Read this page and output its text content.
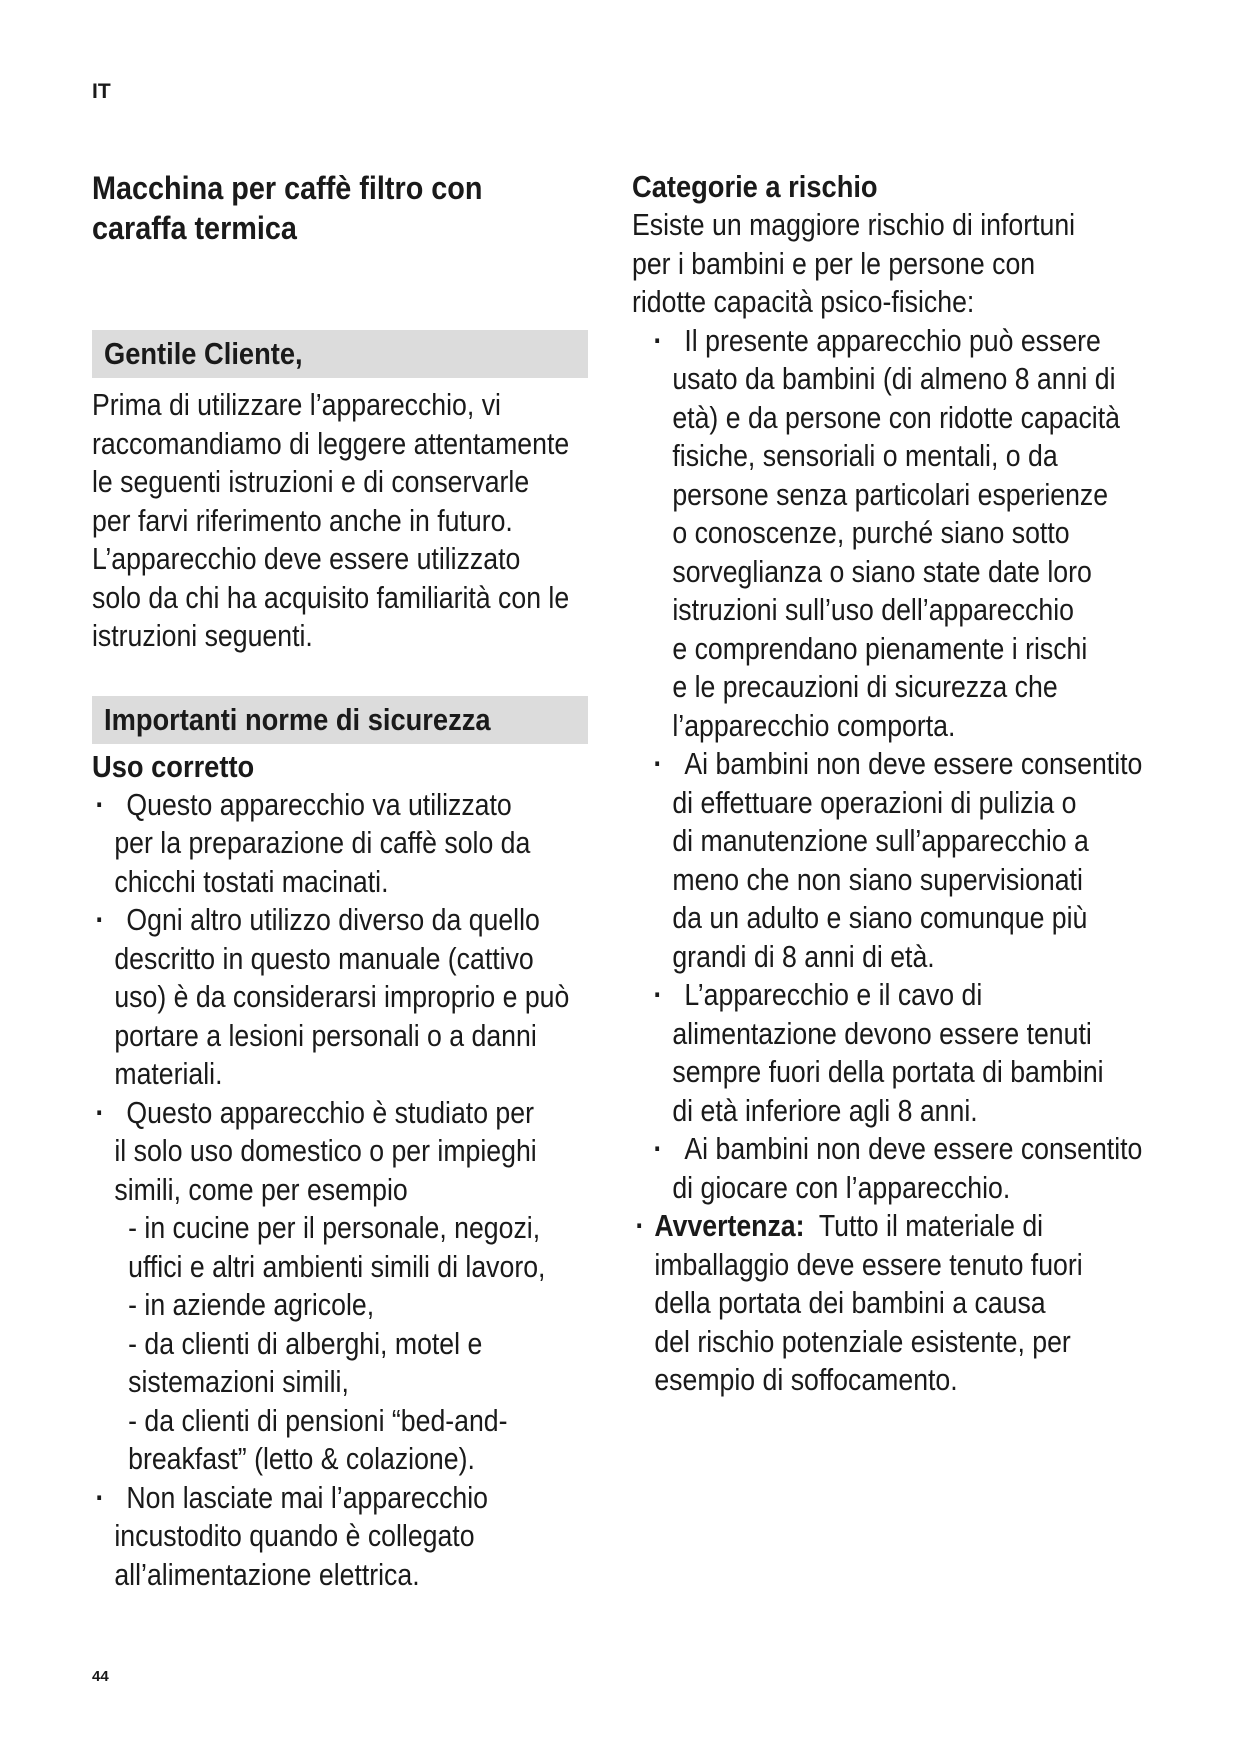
IT
Macchina per caffè filtro con
caraffa termica
Gentile Cliente,
Prima di utilizzare l’apparecchio, vi
raccomandiamo di leggere attentamente
le seguenti istruzioni e di conservarle
per farvi riferimento anche in futuro.
L’apparecchio deve essere utilizzato
solo da chi ha acquisito familiarità con le
istruzioni seguenti.
Importanti norme di sicurezza
Uso corretto
· Questo apparecchio va utilizzato
per la preparazione di caffè solo da
chicchi tostati macinati.
· Ogni altro utilizzo diverso da quello
descritto in questo manuale (cattivo
uso) è da considerarsi improprio e può
portare a lesioni personali o a danni
materiali.
· Questo apparecchio è studiato per
il solo uso domestico o per impieghi
simili, come per esempio
- in cucine per il personale, negozi,
uffici e altri ambienti simili di lavoro,
- in aziende agricole,
- da clienti di alberghi, motel e
sistemazioni simili,
- da clienti di pensioni “bed-and-
breakfast” (letto & colazione).
· Non lasciate mai l’apparecchio
incustodito quando è collegato
all’alimentazione elettrica.
Categorie a rischio
Esiste un maggiore rischio di infortuni
per i bambini e per le persone con
ridotte capacità psico-fisiche:
· Il presente apparecchio può essere
usato da bambini (di almeno 8 anni di
età) e da persone con ridotte capacità
fisiche, sensoriali o mentali, o da
persone senza particolari esperienze
o conoscenze, purché siano sotto
sorveglianza o siano state date loro
istruzioni sull’uso dell’apparecchio
e comprendano pienamente i rischi
e le precauzioni di sicurezza che
l’apparecchio comporta.
· Ai bambini non deve essere consentito
di effettuare operazioni di pulizia o
di manutenzione sull’apparecchio a
meno che non siano supervisionati
da un adulto e siano comunque più
grandi di 8 anni di età.
· L’apparecchio e il cavo di
alimentazione devono essere tenuti
sempre fuori della portata di bambini
di età inferiore agli 8 anni.
· Ai bambini non deve essere consentito
di giocare con l’apparecchio.
· Avvertenza: Tutto il materiale di
imballaggio deve essere tenuto fuori
della portata dei bambini a causa
del rischio potenziale esistente, per
esempio di soffocamento.
44
